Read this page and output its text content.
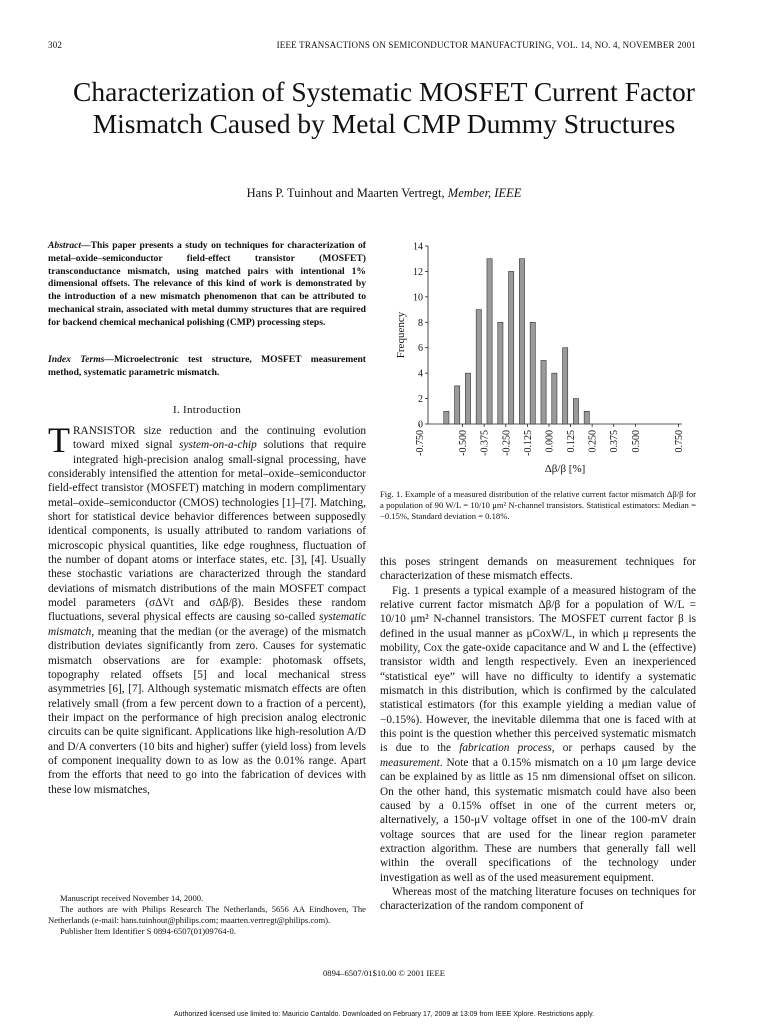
302	IEEE TRANSACTIONS ON SEMICONDUCTOR MANUFACTURING, VOL. 14, NO. 4, NOVEMBER 2001
Characterization of Systematic MOSFET Current Factor Mismatch Caused by Metal CMP Dummy Structures
Hans P. Tuinhout and Maarten Vertregt, Member, IEEE

Abstract—This paper presents a study on techniques for characterization of metal–oxide–semiconductor field-effect transistor (MOSFET) transconductance mismatch, using matched pairs with intentional 1% dimensional offsets. The relevance of this kind of work is demonstrated by the introduction of a new mismatch phenomenon that can be attributed to mechanical strain, associated with metal dummy structures that are required for backend chemical mechanical polishing (CMP) processing steps.

Index Terms—Microelectronic test structure, MOSFET measurement method, systematic parametric mismatch.

I. Introduction

TRANSISTOR size reduction and the continuing evolution toward mixed signal system-on-a-chip solutions that require integrated high-precision analog small-signal processing, have considerably intensified the attention for metal–oxide–semiconductor field-effect transistor (MOSFET) matching in modern complimentary metal–oxide–semiconductor (CMOS) technologies [1]–[7]. Matching, short for statistical device behavior differences between supposedly identical components, is usually attributed to random variations of microscopic physical quantities, like edge roughness, fluctuation of the number of dopant atoms or interface states, etc. [3], [4]. Usually these stochastic variations are characterized through the standard deviations of mismatch distributions of the main MOSFET compact model parameters (σΔVt and σΔβ/β). Besides these random fluctuations, several physical effects are causing so-called systematic mismatch, meaning that the median (or the average) of the mismatch distribution deviates significantly from zero. Causes for systematic mismatch observations are for example: photomask offsets, topography related offsets [5] and local mechanical stress asymmetries [6], [7]. Although systematic mismatch effects are often relatively small (from a few percent down to a fraction of a percent), their impact on the performance of high precision analog electronic circuits can be quite significant. Applications like high-resolution A/D and D/A converters (10 bits and higher) suffer (yield loss) from levels of component inequality down to as low as the 0.01% range. Apart from the efforts that need to go into the fabrication of devices with these low mismatches,

Manuscript received November 14, 2000.

The authors are with Philips Research The Netherlands, 5656 AA Eindhoven, The Netherlands (e-mail: hans.tuinhout@philips.com; maarten.vertregt@philips.com).

Publisher Item Identifier S 0894-6507(01)09764-0.

0
2
4
6
8
10
12
14
-0.750	-0.500 -0.375 -0.250 -0.125 0.000 0.125 0.250 0.375 0.500	0.750
Frequency
Δβ/β [%]

Fig. 1. Example of a measured distribution of the relative current factor mismatch Δβ/β for a population of 90 W/L = 10/10 μm² N-channel transistors. Statistical estimators: Median = −0.15%, Standard deviation = 0.18%.

this poses stringent demands on measurement techniques for characterization of these mismatch effects.

Fig. 1 presents a typical example of a measured histogram of the relative current factor mismatch Δβ/β for a population of W/L = 10/10 μm² N-channel transistors. The MOSFET current factor β is defined in the usual manner as μCoxW/L, in which μ represents the mobility, Cox the gate-oxide capacitance and W and L the (effective) transistor width and length respectively. Even an inexperienced “statistical eye” will have no difficulty to identify a systematic mismatch in this distribution, which is confirmed by the calculated statistical estimators (for this example yielding a median value of −0.15%). However, the inevitable dilemma that one is faced with at this point is the question whether this perceived systematic mismatch is due to the fabrication process, or perhaps caused by the measurement. Note that a 0.15% mismatch on a 10 μm large device can be explained by as little as 15 nm dimensional offset on silicon. On the other hand, this systematic mismatch could have also been caused by a 0.15% offset in one of the current meters or, alternatively, a 150-μV voltage offset in one of the 100-mV drain voltage sources that are used for the linear region parameter extraction algorithm. These are numbers that generally fall well within the overall specifications of the technology under investigation as well as of the used measurement equipment.

Whereas most of the matching literature focuses on techniques for characterization of the random component of

0894–6507/01$10.00 © 2001 IEEE
Authorized licensed use limited to: Mauricio Cantaldo. Downloaded on February 17, 2009 at 13:09 from IEEE Xplore. Restrictions apply.
